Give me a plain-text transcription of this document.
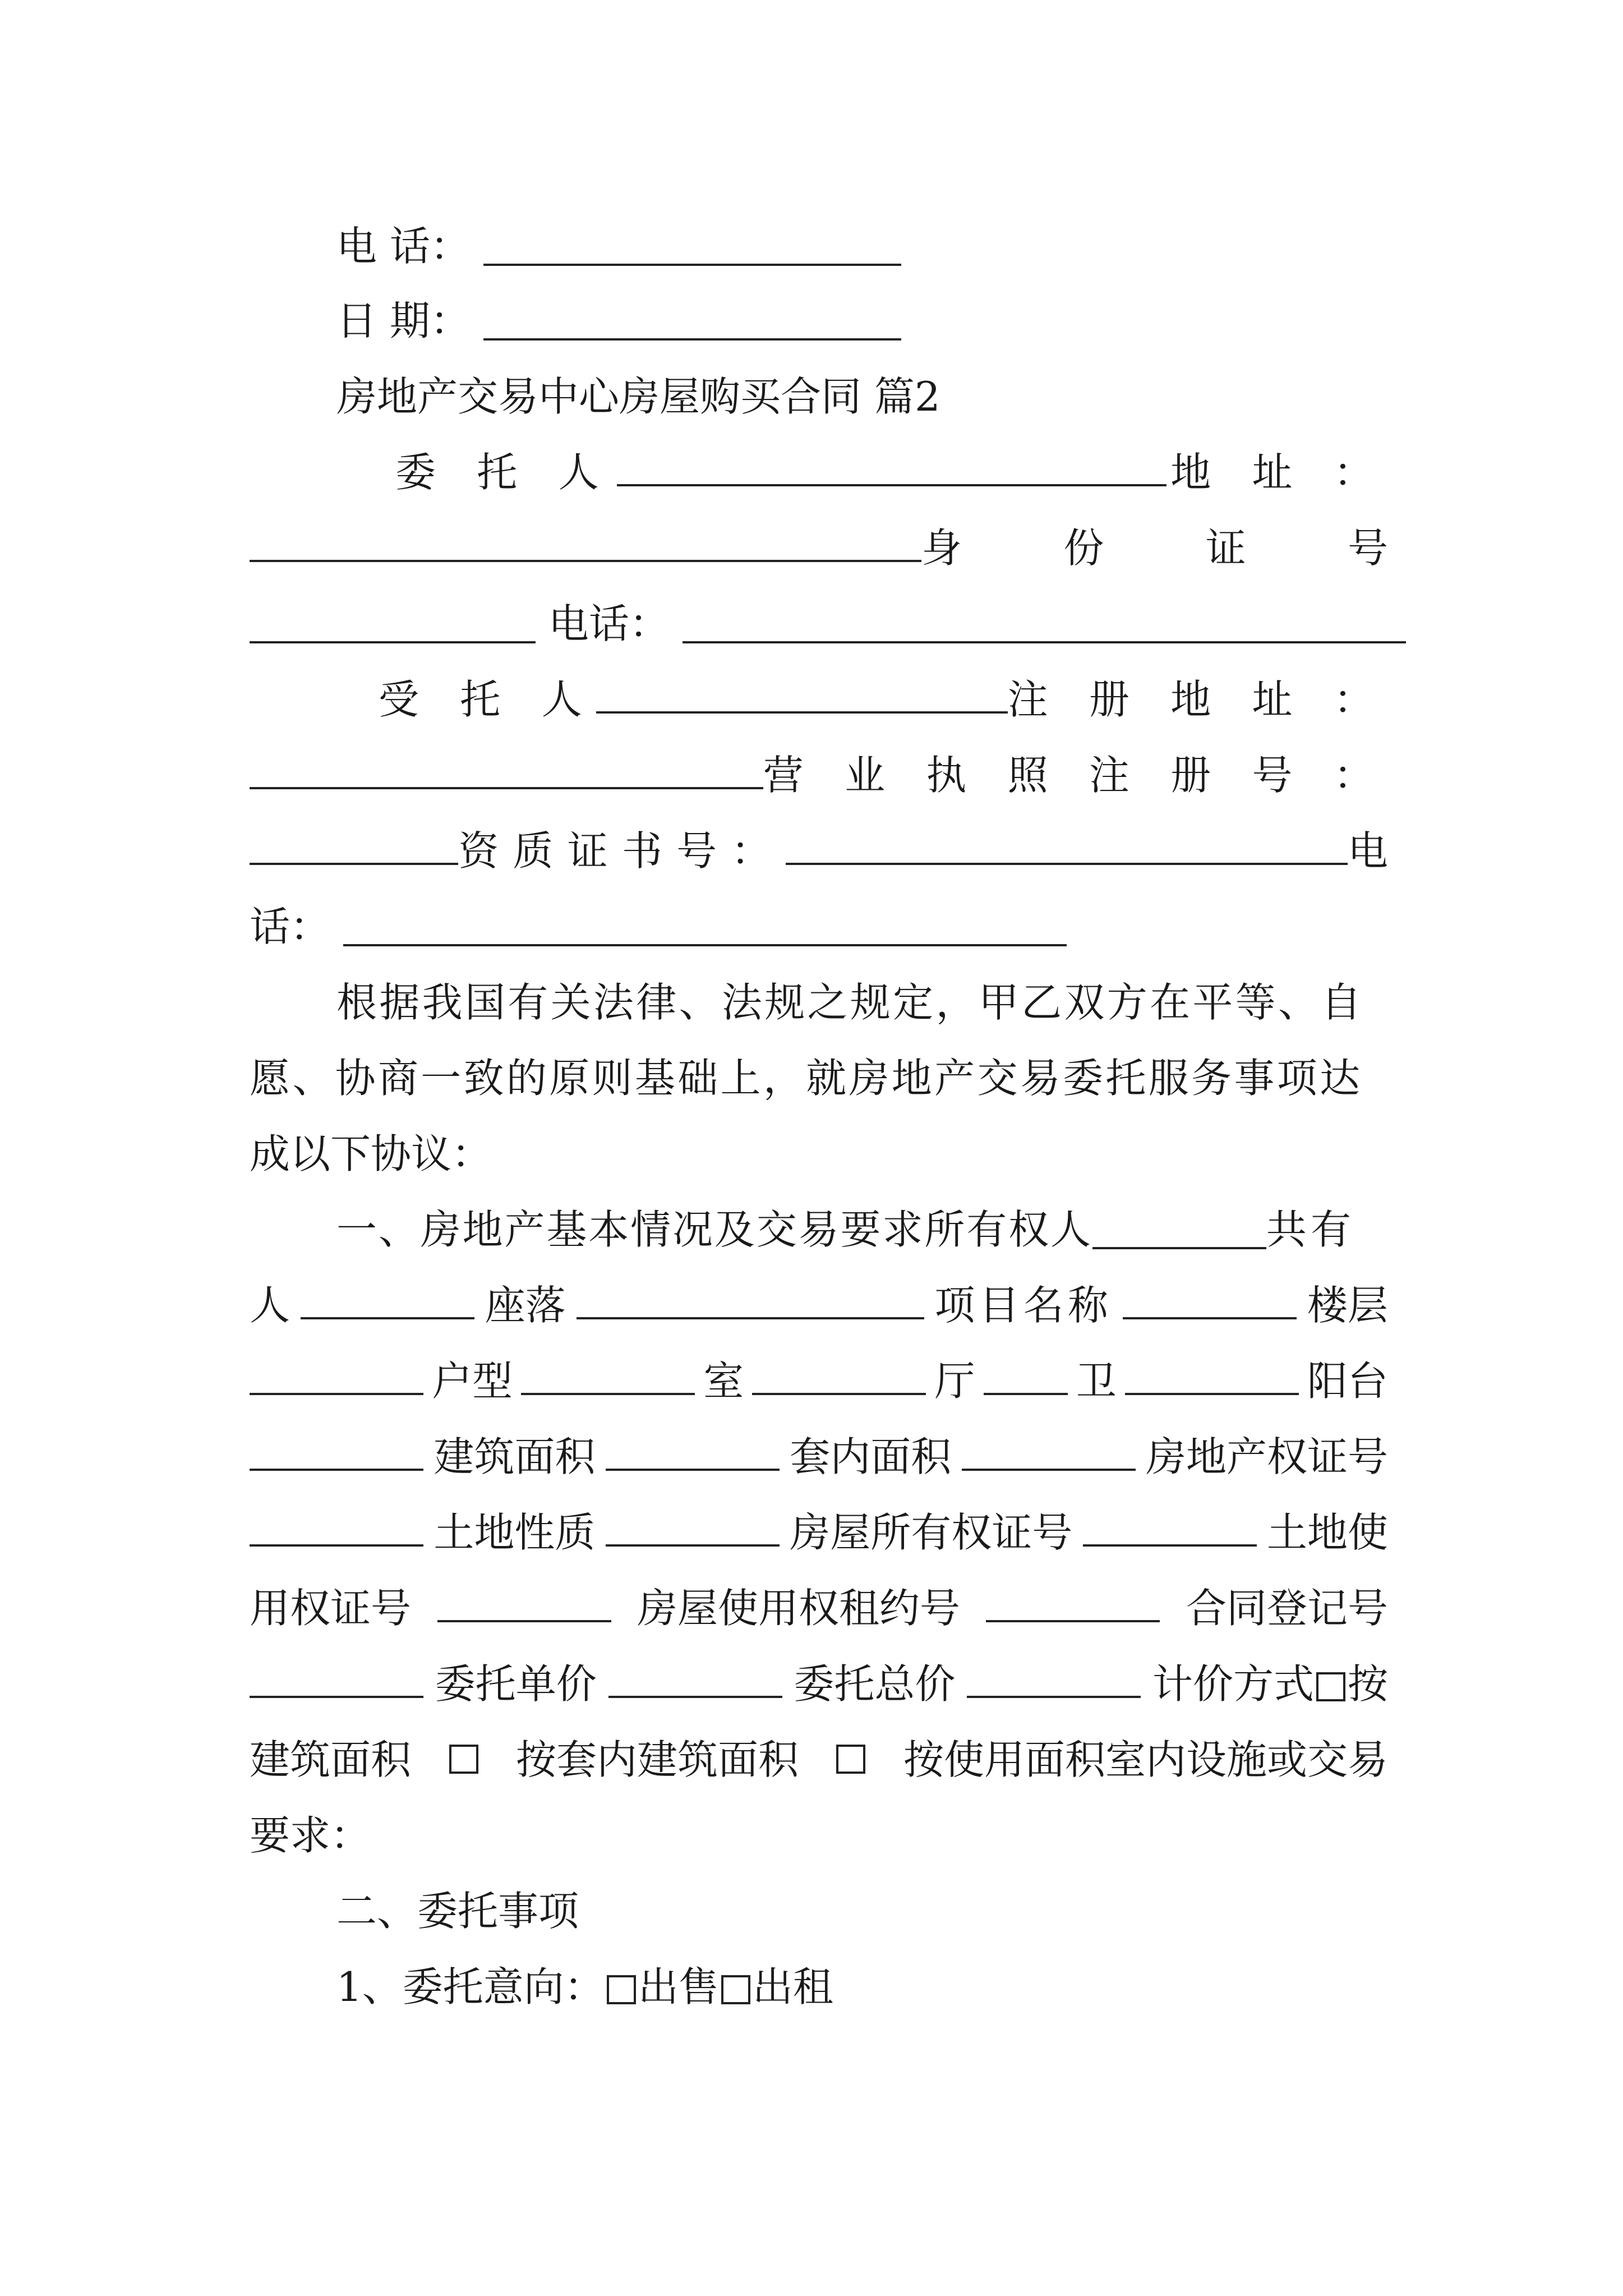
电 话：
日 期：
房地产交易中心房屋购买合同 篇2
委 托 人	地 址 ：
身 份 证 号
电话：
受 托 人	注 册 地 址 ：
营 业 执 照 注 册 号 ：
资质证书号：	电
话：
根据我国有关法律、法规之规定，甲乙双方在平等、自
愿、协商一致的原则基础上，就房地产交易委托服务事项达
成以下协议：
一、房地产基本情况及交易要求所有权人	共有
人	座落	项目名称	楼层
户型	室	厅	卫	阳台
建筑面积	套内面积	房地产权证号
土地性质	房屋所有权证号	土地使
用权证号	房屋使用权租约号	合同登记号
委托单价	委托总价	计价方式 按
建筑面积	按套内建筑面积	按使用面积室内设施或交易
要求：
二、委托事项
1、委托意向： 出售 出租
